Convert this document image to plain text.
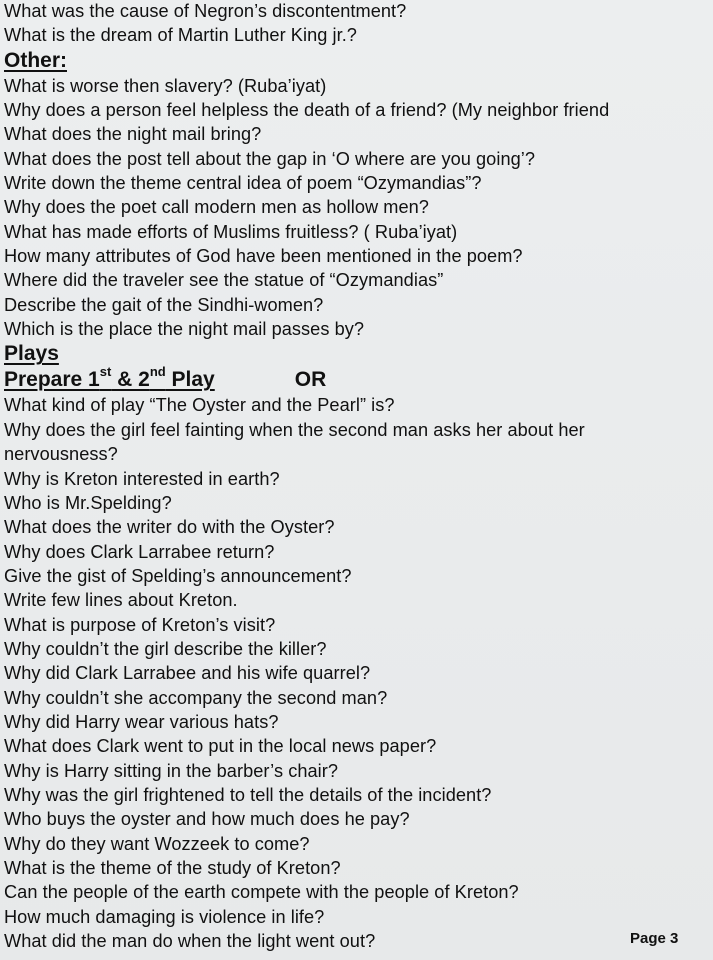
What was the cause of Negron’s discontentment?
What is the dream of Martin Luther King jr.?
Other:
What is worse then slavery? (Ruba’iyat)
Why does a person feel helpless the death of a friend? (My neighbor friend
What does the night mail bring?
What does the post tell about the gap in ‘O where are you going’?
Write down the theme central idea of poem “Ozymandias”?
Why does the poet call modern men as hollow men?
What has made efforts of Muslims fruitless? ( Ruba’iyat)
How many attributes of God have been mentioned in the poem?
Where did the traveler see the statue of “Ozymandias”
Describe the gait of the Sindhi-women?
Which is the place the night mail passes by?
Plays
Prepare 1st & 2nd Play	OR
What kind of play “The Oyster and the Pearl” is?
Why does the girl feel fainting when the second man asks her about her
nervousness?
Why is Kreton interested in earth?
Who is Mr.Spelding?
What does the writer do with the Oyster?
Why does Clark Larrabee return?
Give the gist of Spelding’s announcement?
Write few lines about Kreton.
What is purpose of Kreton’s visit?
Why couldn’t the girl describe the killer?
Why did Clark Larrabee and his wife quarrel?
Why couldn’t she accompany the second man?
Why did Harry wear various hats?
What does Clark went to put in the local news paper?
Why is Harry sitting in the barber’s chair?
Why was the girl frightened to tell the details of the incident?
Who buys the oyster and how much does he pay?
Why do they want Wozzeek to come?
What is the theme of the study of Kreton?
Can the people of the earth compete with the people of Kreton?
How much damaging is violence in life?
What did the man do when the light went out?	Page 3
